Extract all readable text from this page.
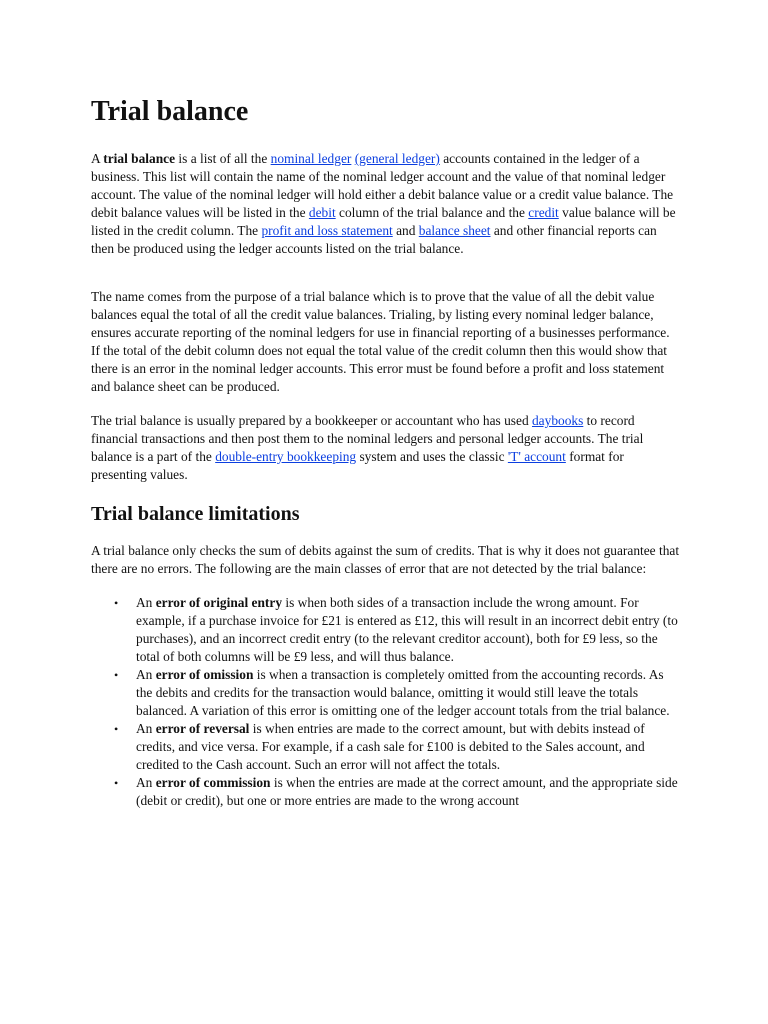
Trial balance

A trial balance is a list of all the nominal ledger (general ledger) accounts contained in the ledger of a business. This list will contain the name of the nominal ledger account and the value of that nominal ledger account. The value of the nominal ledger will hold either a debit balance value or a credit value balance. The debit balance values will be listed in the debit column of the trial balance and the credit value balance will be listed in the credit column. The profit and loss statement and balance sheet and other financial reports can then be produced using the ledger accounts listed on the trial balance.

The name comes from the purpose of a trial balance which is to prove that the value of all the debit value balances equal the total of all the credit value balances. Trialing, by listing every nominal ledger balance, ensures accurate reporting of the nominal ledgers for use in financial reporting of a businesses performance. If the total of the debit column does not equal the total value of the credit column then this would show that there is an error in the nominal ledger accounts. This error must be found before a profit and loss statement and balance sheet can be produced.

The trial balance is usually prepared by a bookkeeper or accountant who has used daybooks to record financial transactions and then post them to the nominal ledgers and personal ledger accounts. The trial balance is a part of the double-entry bookkeeping system and uses the classic 'T' account format for presenting values.

Trial balance limitations

A trial balance only checks the sum of debits against the sum of credits. That is why it does not guarantee that there are no errors. The following are the main classes of error that are not detected by the trial balance:

• An error of original entry is when both sides of a transaction include the wrong amount. For example, if a purchase invoice for £21 is entered as £12, this will result in an incorrect debit entry (to purchases), and an incorrect credit entry (to the relevant creditor account), both for £9 less, so the total of both columns will be £9 less, and will thus balance.
• An error of omission is when a transaction is completely omitted from the accounting records. As the debits and credits for the transaction would balance, omitting it would still leave the totals balanced. A variation of this error is omitting one of the ledger account totals from the trial balance.
• An error of reversal is when entries are made to the correct amount, but with debits instead of credits, and vice versa. For example, if a cash sale for £100 is debited to the Sales account, and credited to the Cash account. Such an error will not affect the totals.
• An error of commission is when the entries are made at the correct amount, and the appropriate side (debit or credit), but one or more entries are made to the wrong account
